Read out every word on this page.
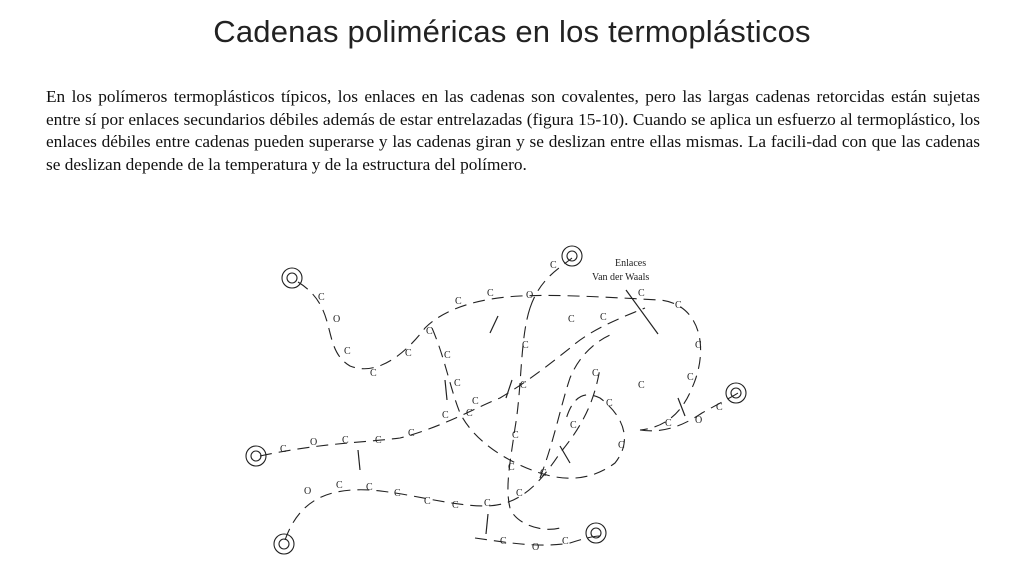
Cadenas poliméricas en los termoplásticos
En los polímeros termoplásticos típicos, los enlaces en las cadenas son covalentes, pero las largas cadenas retorcidas están sujetas entre sí por enlaces secundarios débiles además de estar entrelazadas (figura 15-10). Cuando se aplica un esfuerzo al termoplástico, los enlaces débiles entre cadenas pueden superarse y las cadenas giran y se deslizan entre ellas mismas. La facili-dad con que las cadenas se deslizan depende de la temperatura y de la estructura del polímero.
Enlaces
Van der Waals
C
O
C
C
C
C
C
C	O
C
C	C
C
C
C
C
C O
C
C
O C	C
C
C
C
O
C C
C
C C	C
C
C
C
C
O
C
C
C
C
C
C
C
C
C
C
C
C
